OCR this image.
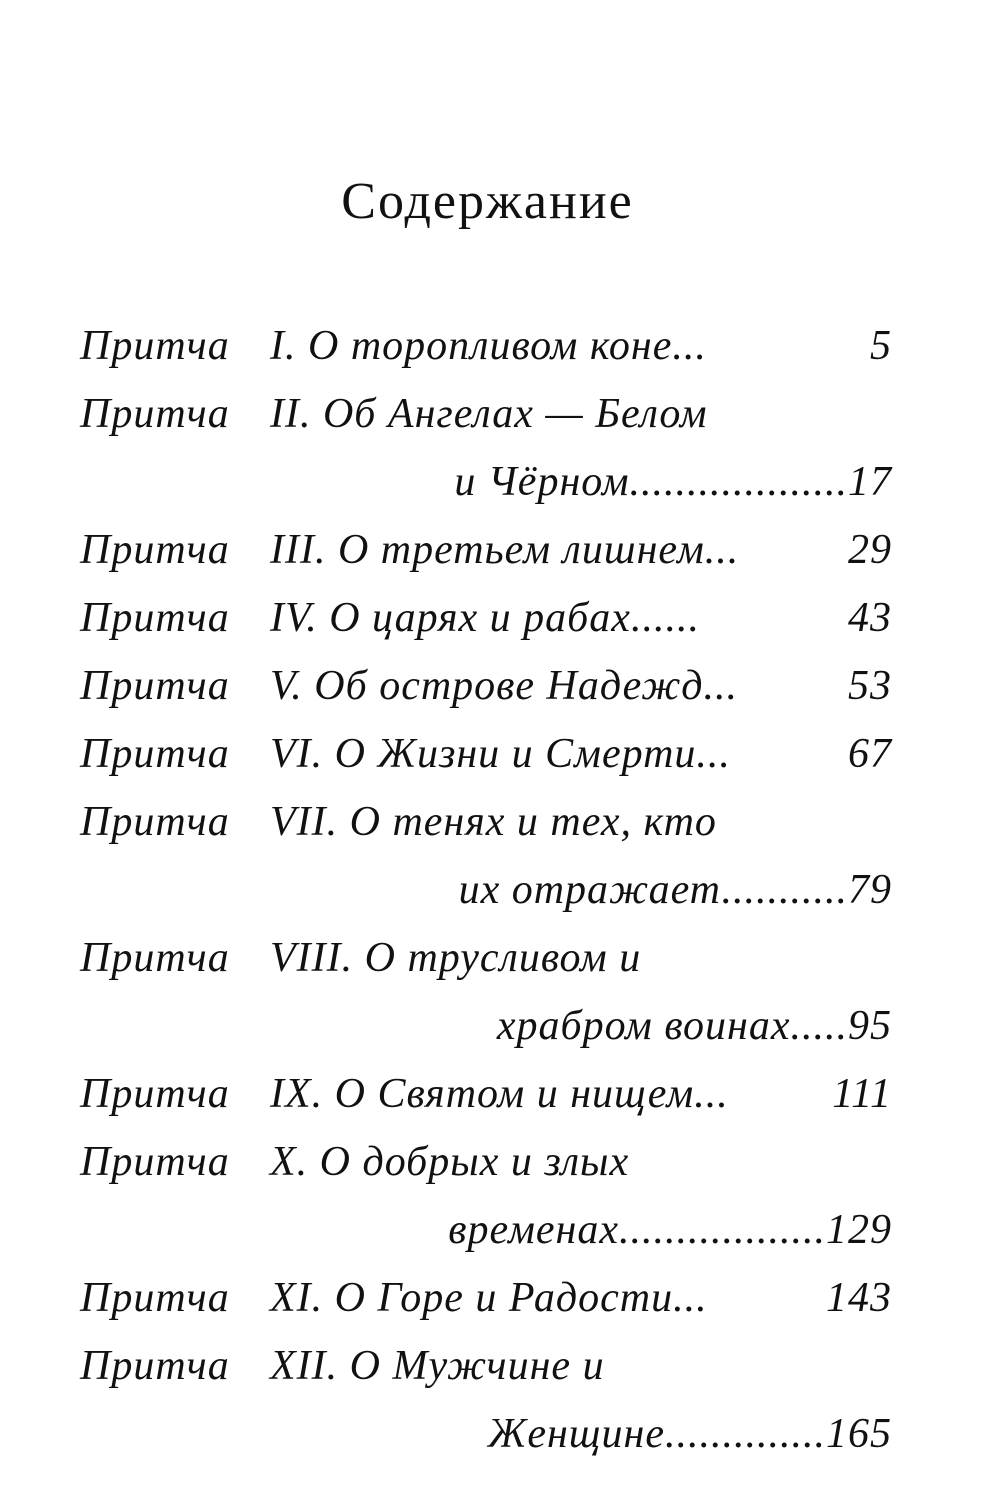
Содержание
Притча I. О торопливом коне...	5
Притча II. Об Ангелах — Белом
и Чёрном...................17
Притча III. О третьем лишнем...	29
Притча IV. О царях и рабах......	43
Притча V. Об острове Надежд...	53
Притча VI. О Жизни и Смерти...	67
Притча VII. О тенях и тех, кто
их отражает...........79
Притча VIII. О трусливом и
храбром воинах.....95
Притча IX. О Святом и нищем... 111
Притча X. О добрых и злых
временах..................129
Притча XI. О Горе и Радости...	143
Притча XII. О Мужчине и
Женщине..............165
